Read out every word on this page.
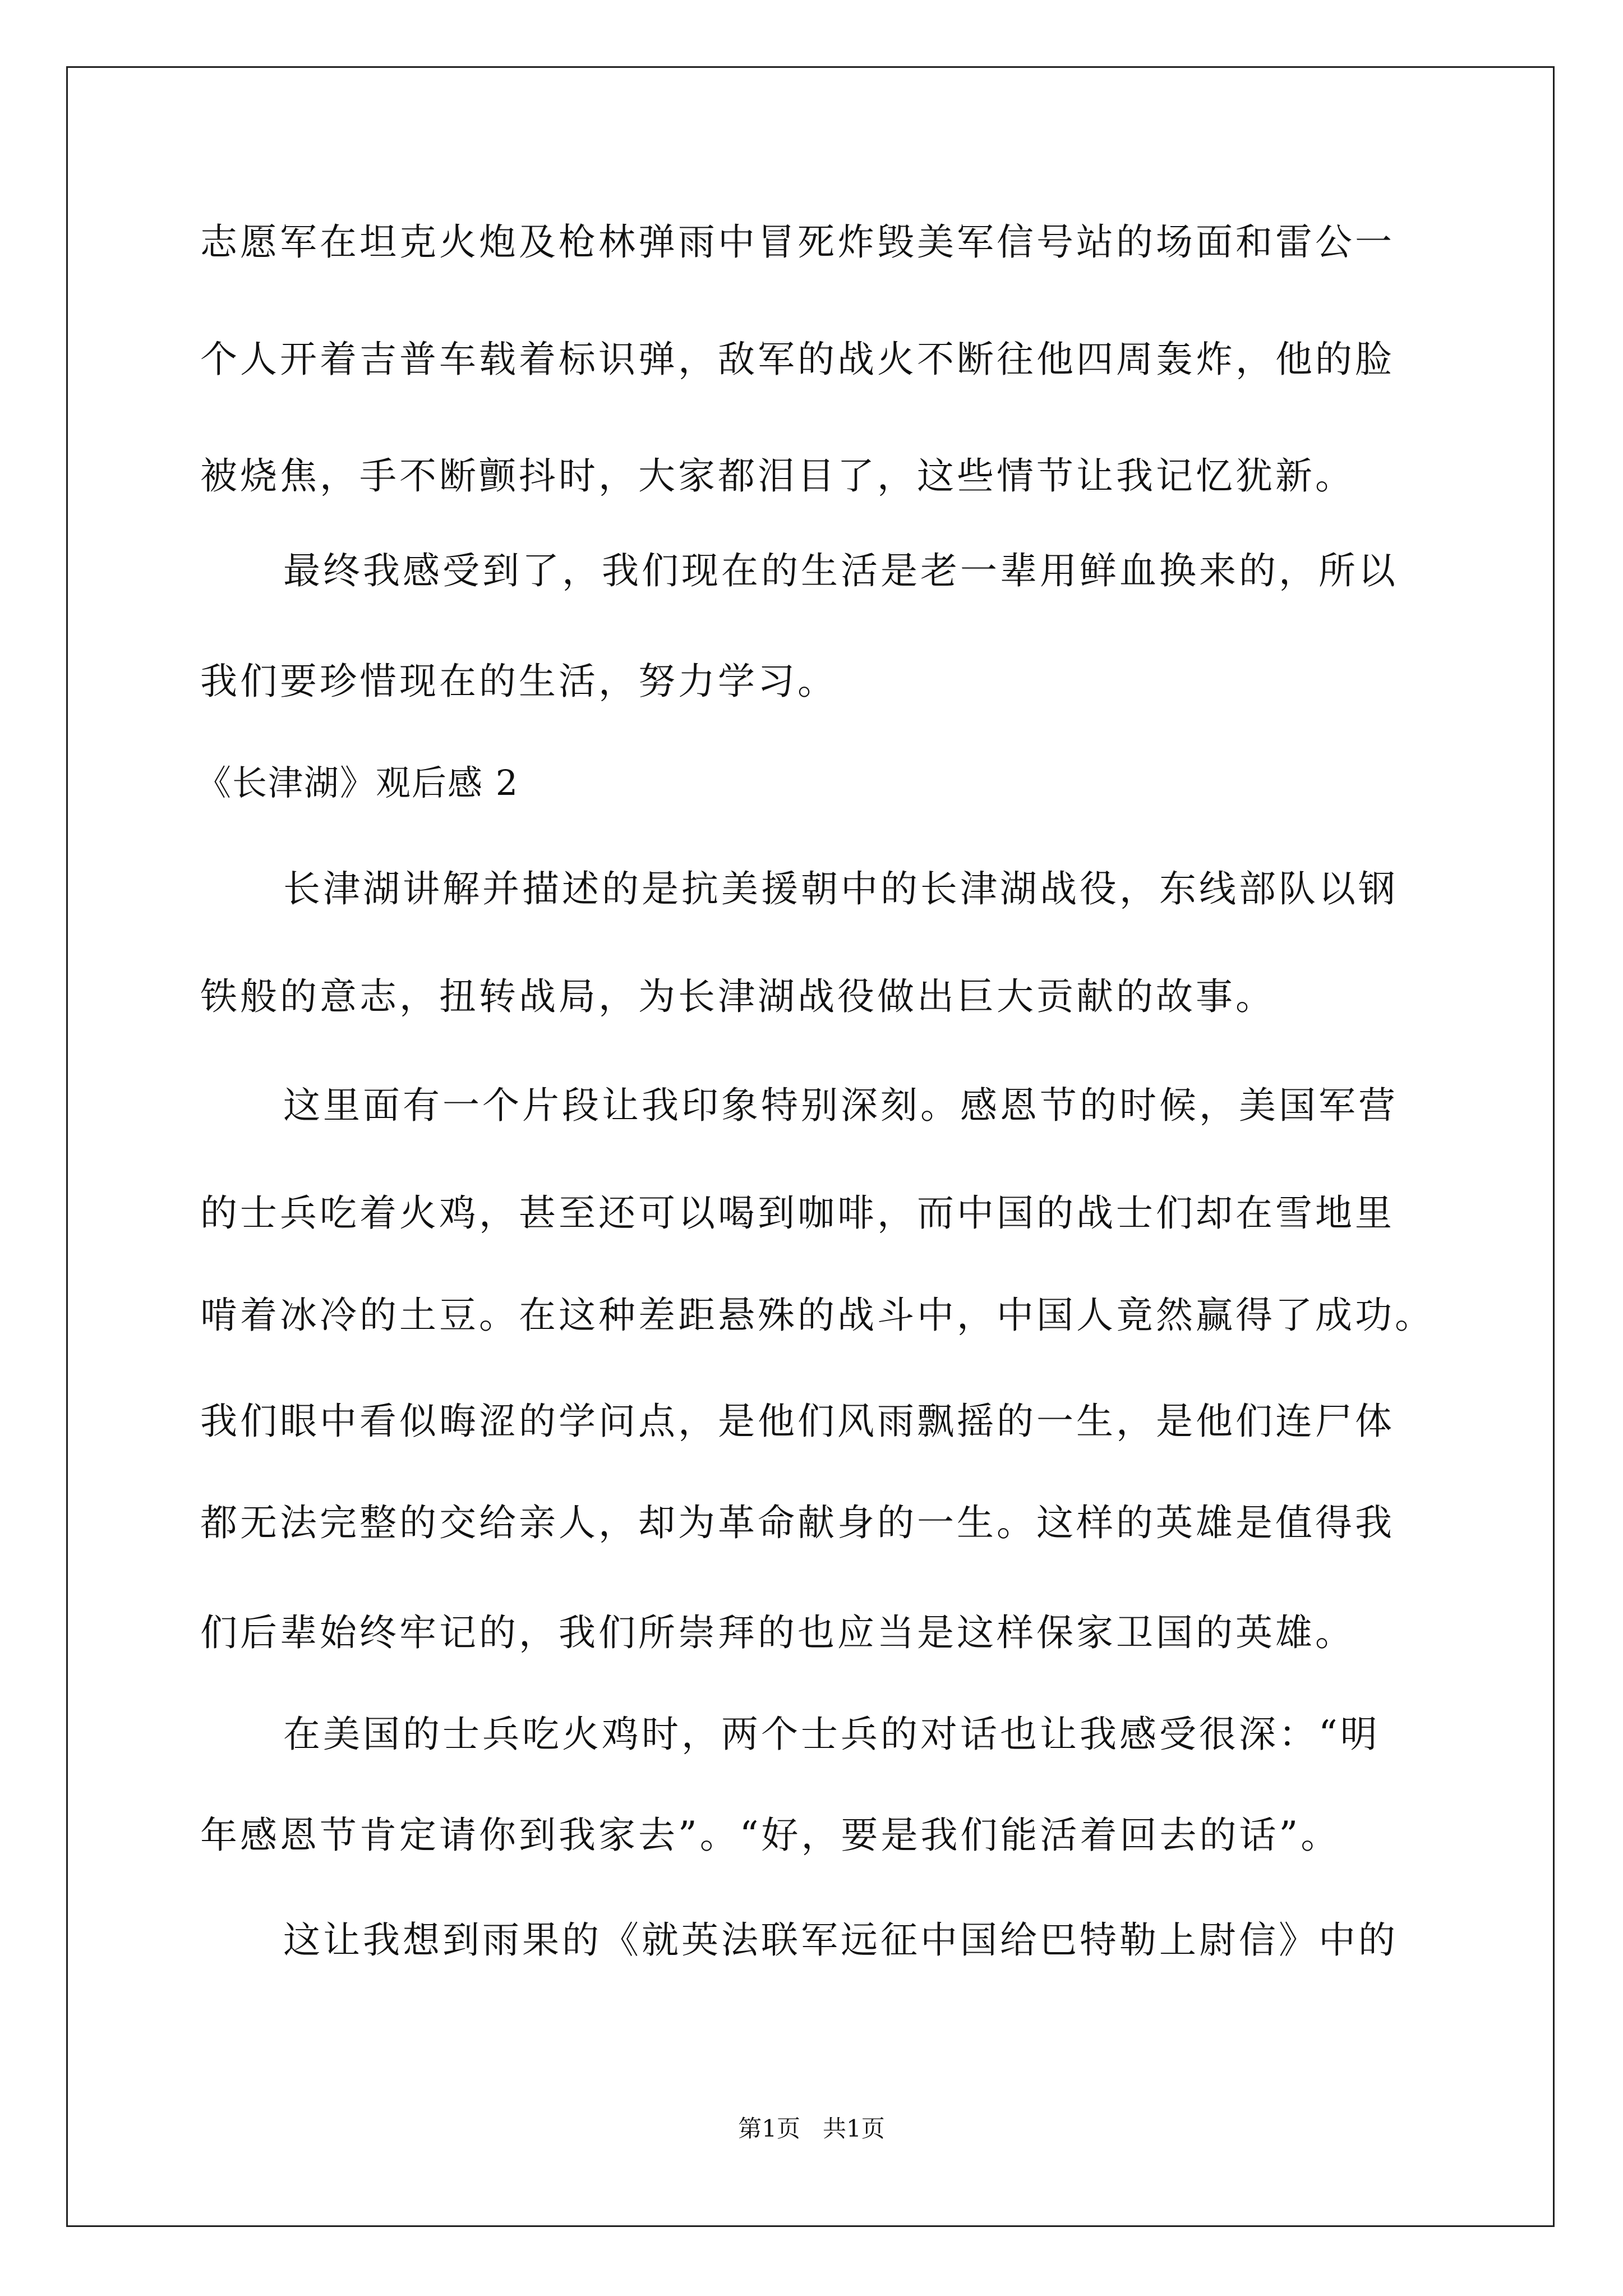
志愿军在坦克火炮及枪林弹雨中冒死炸毁美军信号站的场面和雷公一
个人开着吉普车载着标识弹，敌军的战火不断往他四周轰炸，他的脸
被烧焦，手不断颤抖时，大家都泪目了，这些情节让我记忆犹新。
最终我感受到了，我们现在的生活是老一辈用鲜血换来的，所以
我们要珍惜现在的生活，努力学习。
《长津湖》观后感 2
长津湖讲解并描述的是抗美援朝中的长津湖战役，东线部队以钢
铁般的意志，扭转战局，为长津湖战役做出巨大贡献的故事。
这里面有一个片段让我印象特别深刻。感恩节的时候，美国军营
的士兵吃着火鸡，甚至还可以喝到咖啡，而中国的战士们却在雪地里
啃着冰冷的土豆。在这种差距悬殊的战斗中，中国人竟然赢得了成功。
我们眼中看似晦涩的学问点，是他们风雨飘摇的一生，是他们连尸体
都无法完整的交给亲人，却为革命献身的一生。这样的英雄是值得我
们后辈始终牢记的，我们所崇拜的也应当是这样保家卫国的英雄。
在美国的士兵吃火鸡时，两个士兵的对话也让我感受很深：“明
年感恩节肯定请你到我家去”。“好，要是我们能活着回去的话”。
这让我想到雨果的《就英法联军远征中国给巴特勒上尉信》中的
第1页   共1页
